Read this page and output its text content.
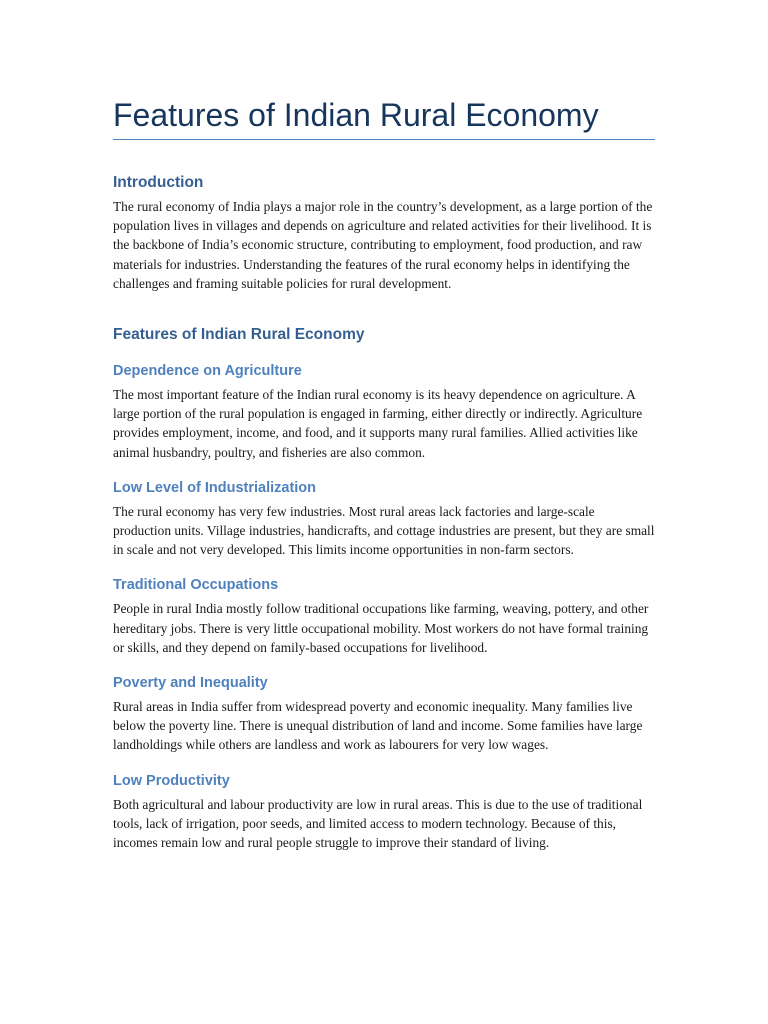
Features of Indian Rural Economy
Introduction

The rural economy of India plays a major role in the country’s development, as a large portion of the population lives in villages and depends on agriculture and related activities for their livelihood. It is the backbone of India’s economic structure, contributing to employment, food production, and raw materials for industries. Understanding the features of the rural economy helps in identifying the challenges and framing suitable policies for rural development.

Features of Indian Rural Economy
Dependence on Agriculture

The most important feature of the Indian rural economy is its heavy dependence on agriculture. A large portion of the rural population is engaged in farming, either directly or indirectly. Agriculture provides employment, income, and food, and it supports many rural families. Allied activities like animal husbandry, poultry, and fisheries are also common.

Low Level of Industrialization

The rural economy has very few industries. Most rural areas lack factories and large-scale production units. Village industries, handicrafts, and cottage industries are present, but they are small in scale and not very developed. This limits income opportunities in non-farm sectors.

Traditional Occupations

People in rural India mostly follow traditional occupations like farming, weaving, pottery, and other hereditary jobs. There is very little occupational mobility. Most workers do not have formal training or skills, and they depend on family-based occupations for livelihood.

Poverty and Inequality

Rural areas in India suffer from widespread poverty and economic inequality. Many families live below the poverty line. There is unequal distribution of land and income. Some families have large landholdings while others are landless and work as labourers for very low wages.

Low Productivity

Both agricultural and labour productivity are low in rural areas. This is due to the use of traditional tools, lack of irrigation, poor seeds, and limited access to modern technology. Because of this, incomes remain low and rural people struggle to improve their standard of living.
